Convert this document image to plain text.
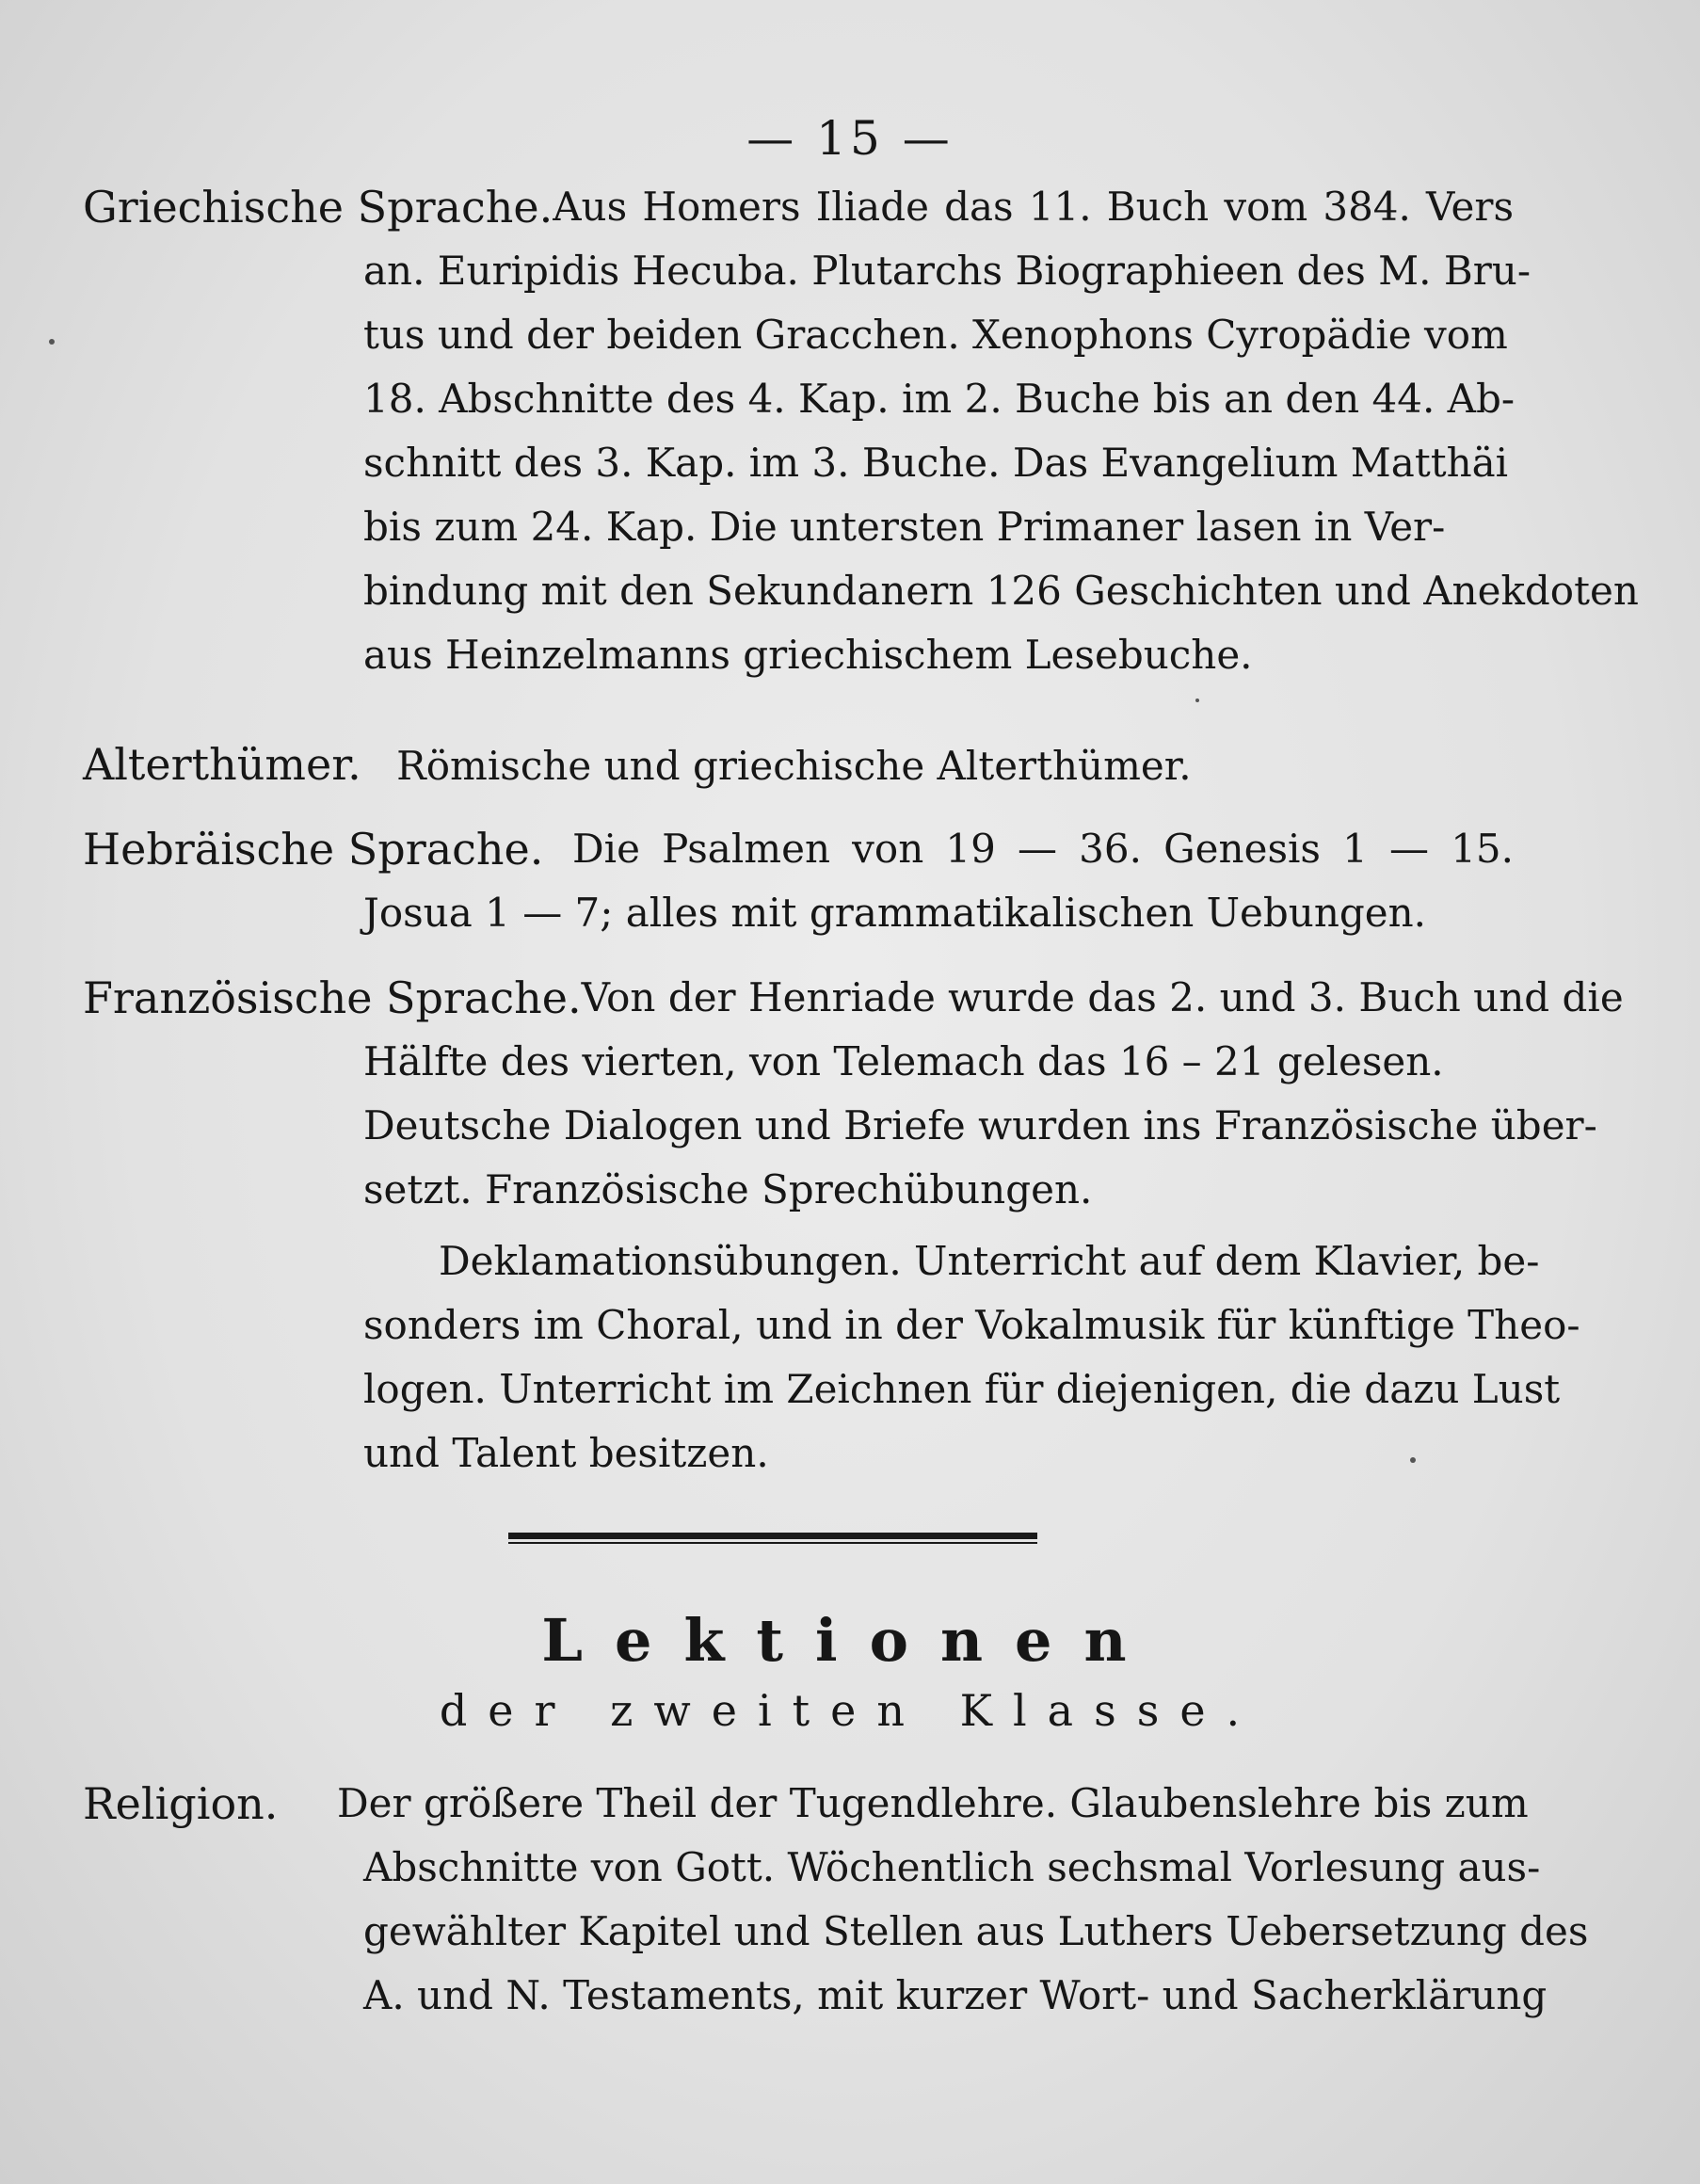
— 15 —
Griechische Sprache. Aus Homers Iliade das 11. Buch vom 384. Vers
an. Euripidis Hecuba. Plutarchs Biographieen des M. Bru-
tus und der beiden Gracchen. Xenophons Cyropädie vom
18. Abschnitte des 4. Kap. im 2. Buche bis an den 44. Ab-
schnitt des 3. Kap. im 3. Buche. Das Evangelium Matthäi
bis zum 24. Kap. Die untersten Primaner lasen in Ver-
bindung mit den Sekundanern 126 Geschichten und Anekdoten
aus Heinzelmanns griechischem Lesebuche.
Alterthümer. Römische und griechische Alterthümer.
Hebräische Sprache. Die Psalmen von 19 — 36. Genesis 1 — 15.
Josua 1 — 7; alles mit grammatikalischen Uebungen.
Französische Sprache. Von der Henriade wurde das 2. und 3. Buch und die
Hälfte des vierten, von Telemach das 16 – 21 gelesen.
Deutsche Dialogen und Briefe wurden ins Französische über-
setzt. Französische Sprechübungen.
Deklamationsübungen. Unterricht auf dem Klavier, be-
sonders im Choral, und in der Vokalmusik für künftige Theo-
logen. Unterricht im Zeichnen für diejenigen, die dazu Lust
und Talent besitzen.
Lektionen
der zweiten Klasse.
Religion. Der größere Theil der Tugendlehre. Glaubenslehre bis zum
Abschnitte von Gott. Wöchentlich sechsmal Vorlesung aus-
gewählter Kapitel und Stellen aus Luthers Uebersetzung des
A. und N. Testaments, mit kurzer Wort- und Sacherklärung
